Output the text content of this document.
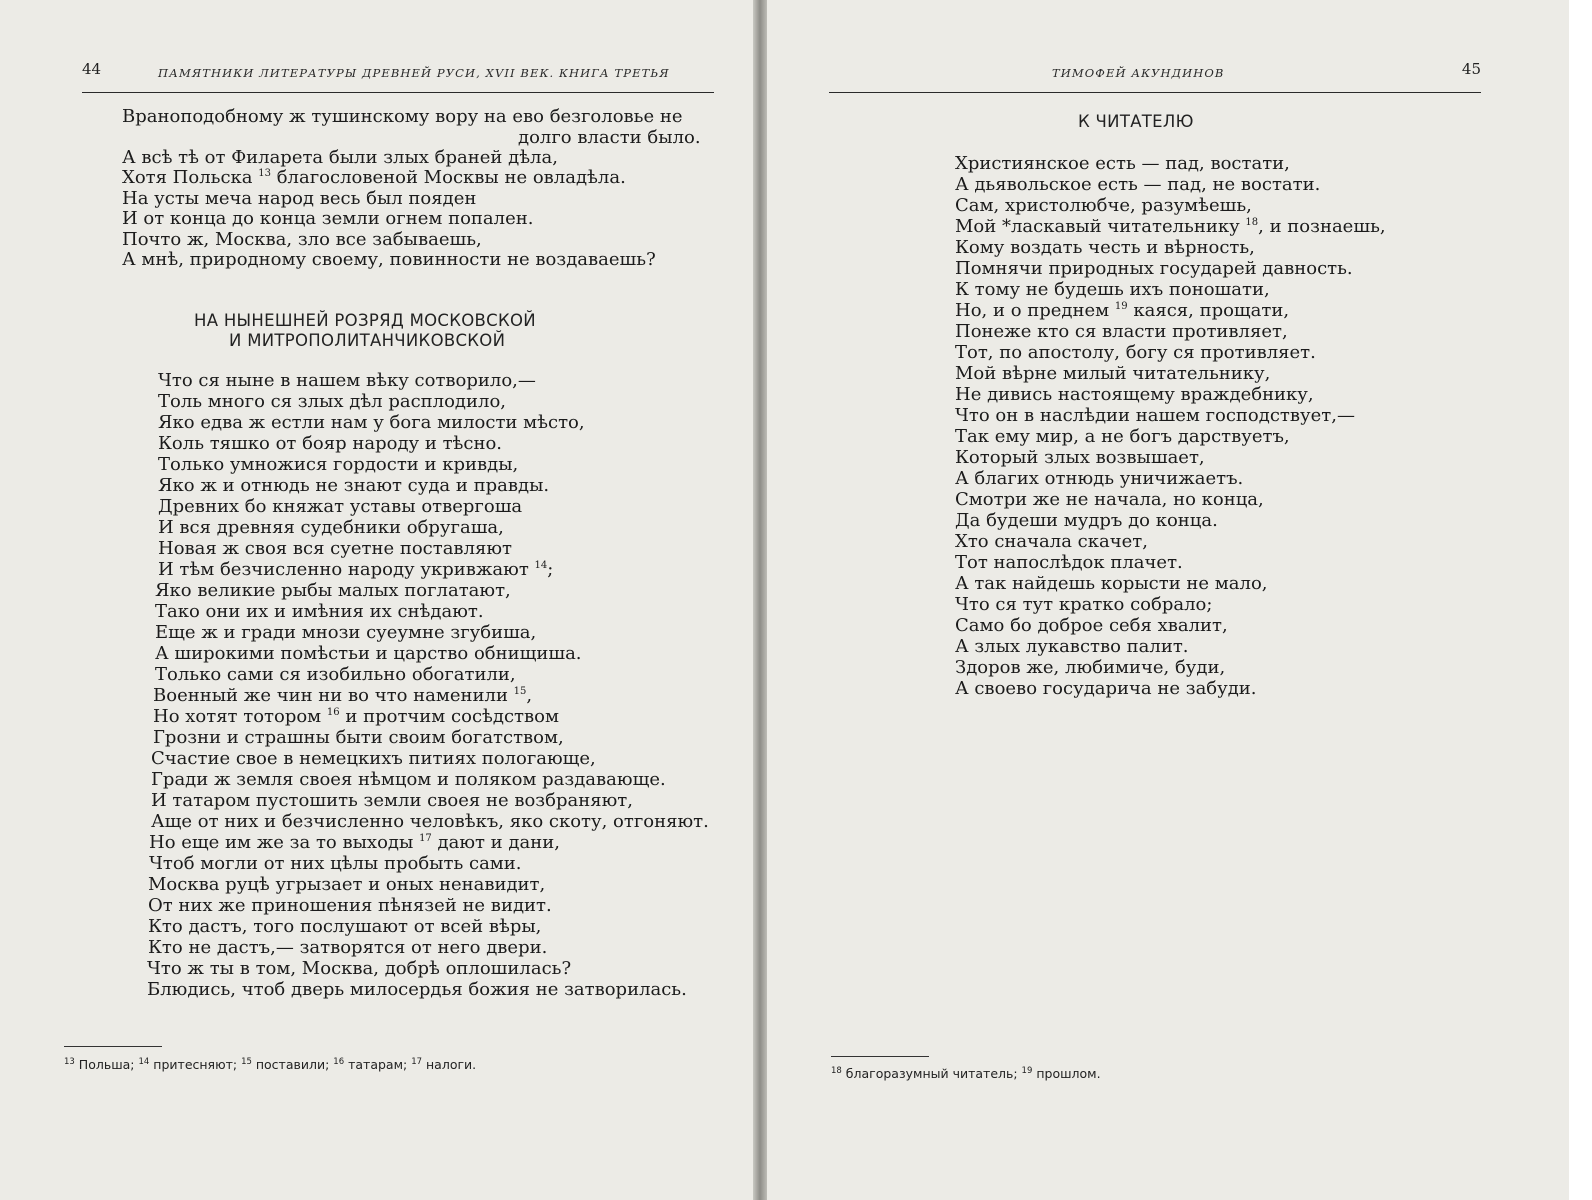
44	ПАМЯТНИКИ ЛИТЕРАТУРЫ ДРЕВНЕЙ РУСИ, XVII ВЕК. КНИГА ТРЕТЬЯ
Враноподобному ж тушинскому вору на ево безголовье не
долго власти было.
А всѣ тѣ от Филарета были злых браней дѣла,
Хотя Польска $^{13}$ благословеной Москвы не овладѣла.
На усты меча народ весь был пояден
И от конца до конца земли огнем попален.
Почто ж, Москва, зло все забываешь,
А мнѣ, природному своему, повинности не воздаваешь?
НА НЫНЕШНЕЙ РОЗРЯД МОСКОВСКОЙ
И МИТРОПОЛИТАНЧИКОВСКОЙ
Что ся ныне в нашем вѣку сотворило,—
Толь много ся злых дѣл расплодило,
Яко едва ж естли нам у бога милости мѣсто,
Коль тяшко от бояр народу и тѣсно.
Только умножися гордости и кривды,
Яко ж и отнюдь не знают суда и правды.
Древних бо княжат уставы отвергоша
И вся древняя судебники обругаша,
Новая ж своя вся суетне поставляют
И тѣм безчисленно народу укривжают $^{14}$;
Яко великие рыбы малых поглатают,
Тако они их и имѣния их снѣдают.
Еще ж и гради мнози суеумне згубиша,
А широкими помѣстьи и царство обнищиша.
Только сами ся изобильно обогатили,
Военный же чин ни во что наменили $^{15}$,
Но хотят тотором $^{16}$ и протчим сосѣдством
Грозни и страшны быти своим богатством,
Счастие свое в немецкихъ питиях пологающе,
Гради ж земля своея нѣмцом и поляком раздавающе.
И татаром пустошить земли своея не возбраняют,
Аще от них и безчисленно человѣкъ, яко скоту, отгоняют.
Но еще им же за то выходы $^{17}$ дают и дани,
Чтоб могли от них цѣлы пробыть сами.
Москва руцѣ угрызает и оных ненавидит,
От них же приношения пѣнязей не видит.
Кто дастъ, того послушают от всей вѣры,
Кто не дастъ,— затворятся от него двери.
Что ж ты в том, Москва, добрѣ оплошилась?
Блюдись, чтоб дверь милосердья божия не затворилась.
$^{13}$ Польша; $^{14}$ притесняют; $^{15}$ поставили; $^{16}$ татарам; $^{17}$ налоги.
ТИМОФЕЙ АКУНДИНОВ	45
К ЧИТАТЕЛЮ
Християнское есть — пад, востати,
А дьявольское есть — пад, не востати.
Сам, христолюбче, разумѣешь,
Мой *ласкавый читательнику $^{18}$, и познаешь,
Кому воздать честь и вѣрность,
Помнячи природных государей давность.
К тому не будешь ихъ поношати,
Но, и о преднем $^{19}$ каяся, прощати,
Понеже кто ся власти противляет,
Тот, по апостолу, богу ся противляет.
Мой вѣрне милый читательнику,
Не дивись настоящему враждебнику,
Что он в наслѣдии нашем господствует,—
Так ему мир, а не богъ дарствуетъ,
Который злых возвышает,
А благих отнюдь уничижаетъ.
Смотри же не начала, но конца,
Да будеши мудръ до конца.
Хто сначала скачет,
Тот напослѣдок плачет.
А так найдешь корысти не мало,
Что ся тут кратко собрало;
Само бо доброе себя хвалит,
А злых лукавство палит.
Здоров же, любимиче, буди,
А своево государича не забуди.
$^{18}$ благоразумный читатель; $^{19}$ прошлом.
